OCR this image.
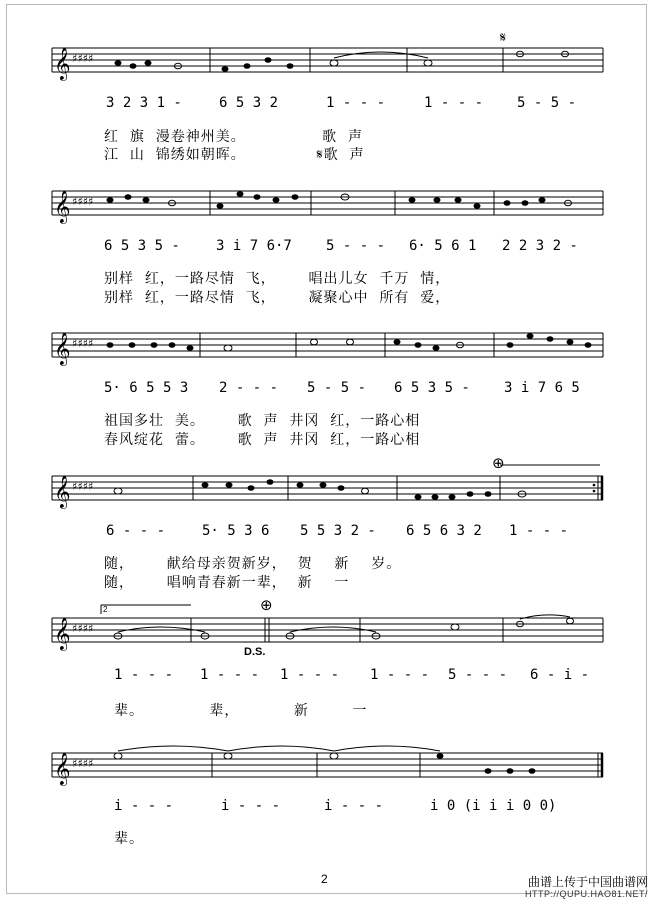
𝄞 ♯♯♯♯
𝄋
3 2 3 1 -	6 5 3 2	1 - - -	1 - - - 5 - 5 -
红  旗  漫卷神州美。              歌  声
江  山  锦绣如朝晖。             𝄋歌  声
𝄞 ♯♯♯♯
6 5 3 5 -	3 i 7 6·7 5 - - - 6· 5 6 1 2 2 3 2 -
别样  红，一路尽情  飞，      唱出儿女  千万  情，
别样  红，一路尽情  飞，      凝聚心中  所有  爱，
𝄞 ♯♯♯♯
5· 6 5 5 3 2 - - - 5 - 5 - 6 5 3 5 - 3 i 7 6 5
祖国多壮  美。      歌  声  井冈  红，一路心相
春风绽花  蕾。      歌  声  井冈  红，一路心相
𝄞 ♯♯♯♯
⊕
6 - - -	5· 5 3 6 5 5 3 2 - 6 5 6 3 2 1 - - -
随，      献给母亲贺新岁，  贺    新    岁。
随，      唱响青春新一辈，  新    一
2
𝄞 ♯♯♯♯
⊕
D.S.
1 - - - 1 - - - 1 - - - 1 - - - 5 - - - 6 - i -
辈。            辈，          新        一
𝄞 ♯♯♯♯
i - - -	i - - -	i - - -	i 0 (i i i 0 0)
辈。
2	曲谱上传于中国曲谱网
HTTP://QUPU.HAO81.NET/
